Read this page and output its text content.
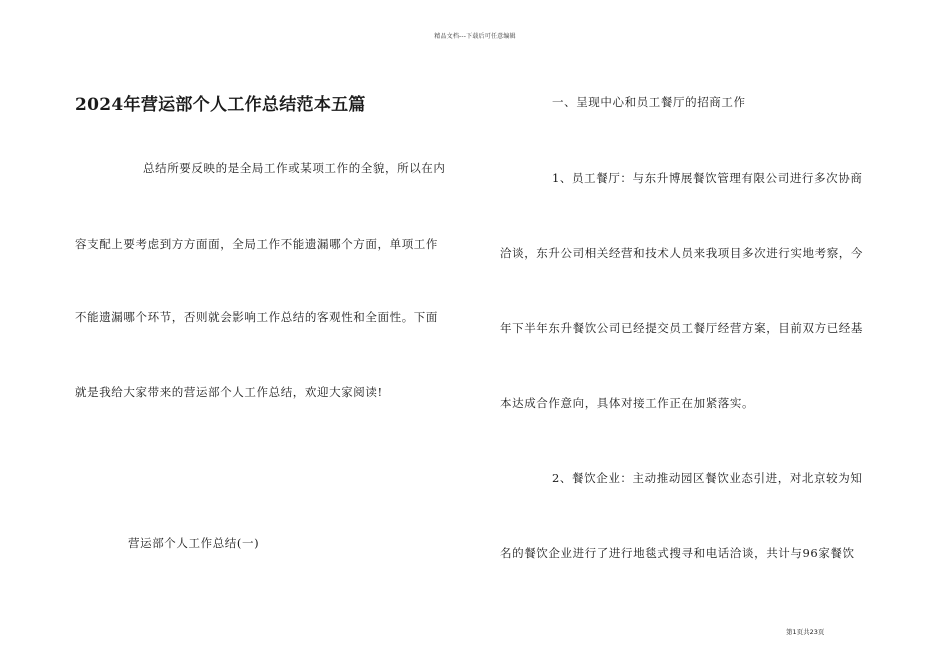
精品文档---下载后可任意编辑
2024年营运部个人工作总结范本五篇
总结所要反映的是全局工作或某项工作的全貌，所以在内
容支配上要考虑到方方面面，全局工作不能遗漏哪个方面，单项工作
不能遗漏哪个环节，否则就会影响工作总结的客观性和全面性。下面
就是我给大家带来的营运部个人工作总结，欢迎大家阅读!
营运部个人工作总结(一)
一、呈现中心和员工餐厅的招商工作
1、员工餐厅：与东升博展餐饮管理有限公司进行多次协商
洽谈，东升公司相关经营和技术人员来我项目多次进行实地考察，今
年下半年东升餐饮公司已经提交员工餐厅经营方案，目前双方已经基
本达成合作意向，具体对接工作正在加紧落实。
2、餐饮企业：主动推动园区餐饮业态引进，对北京较为知
名的餐饮企业进行了进行地毯式搜寻和电话洽谈，共计与96家餐饮
第1页共23页
